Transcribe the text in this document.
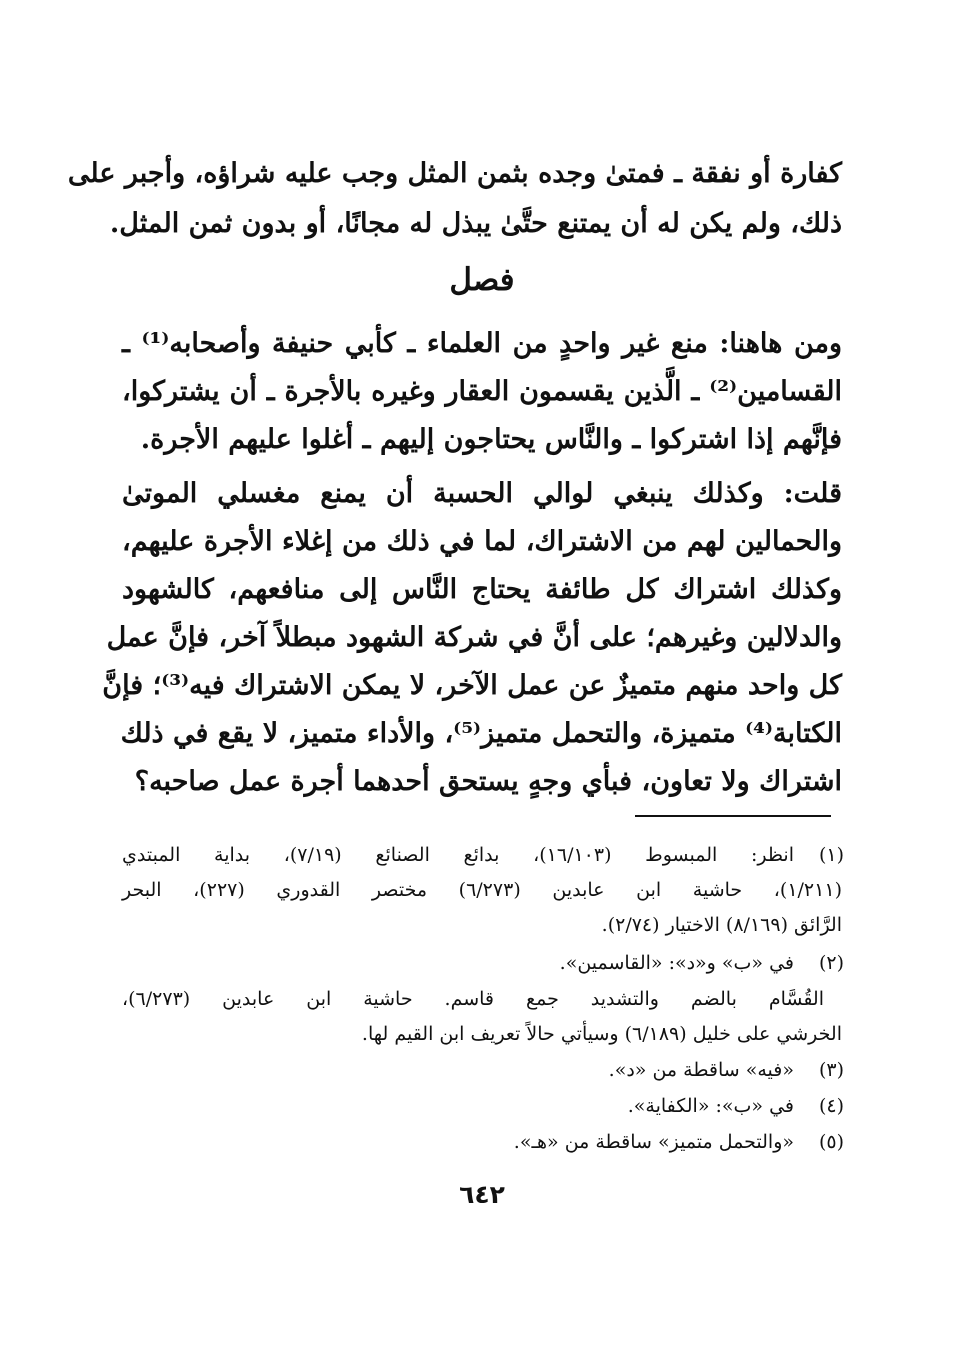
كفارة أو نفقة ـ فمتىٰ وجده بثمن المثل وجب عليه شراؤه، وأجبر على
ذلك، ولم يكن له أن يمتنع حتَّىٰ يبذل له مجانًا، أو بدون ثمن المثل.
فصل
ومن هاهنا: منع غير واحدٍ من العلماء ـ كأبي حنيفة وأصحابه⁽¹⁾ ـ
القسامين⁽²⁾ ـ الَّذين يقسمون العقار وغيره بالأجرة ـ أن يشتركوا،
فإنَّهم إذا اشتركوا ـ والنَّاس يحتاجون إليهم ـ أغلوا عليهم الأجرة.
قلت: وكذلك ينبغي لوالي الحسبة أن يمنع مغسلي الموتىٰ
والحمالين لهم من الاشتراك، لما في ذلك من إغلاء الأجرة عليهم،
وكذلك اشتراك كل طائفة يحتاج النَّاس إلى منافعهم، كالشهود
والدلالين وغيرهم؛ على أنَّ في شركة الشهود مبطلاً آخر، فإنَّ عمل
كل واحد منهم متميزٌ عن عمل الآخر، لا يمكن الاشتراك فيه⁽³⁾؛ فإنَّ
الكتابة⁽⁴⁾ متميزة، والتحمل متميز⁽⁵⁾، والأداء متميز، لا يقع في ذلك
اشتراك ولا تعاون، فبأي وجهٍ يستحق أحدهما أجرة عمل صاحبه؟
(١)
انظر: المبسوط (١٦/١٠٣)، بدائع الصنائع (٧/١٩)، بداية المبتدي
(١/٢١١)، حاشية ابن عابدين (٦/٢٧٣) مختصر القدوري (٢٢٧)، البحر
الرَّائق (٨/١٦٩) الاختيار (٢/٧٤).
(٢)
في «ب» و«د»: «القاسمين».
القُسَّام بالضم والتشديد جمع قاسم. حاشية ابن عابدين (٦/٢٧٣)،
الخرشي على خليل (٦/١٨٩) وسيأتي حالاً تعريف ابن القيم لها.
(٣)
«فيه» ساقطة من «د».
(٤)
في «ب»: «الكفاية».
(٥)
«والتحمل متميز» ساقطة من «هـ».
٦٤٢
